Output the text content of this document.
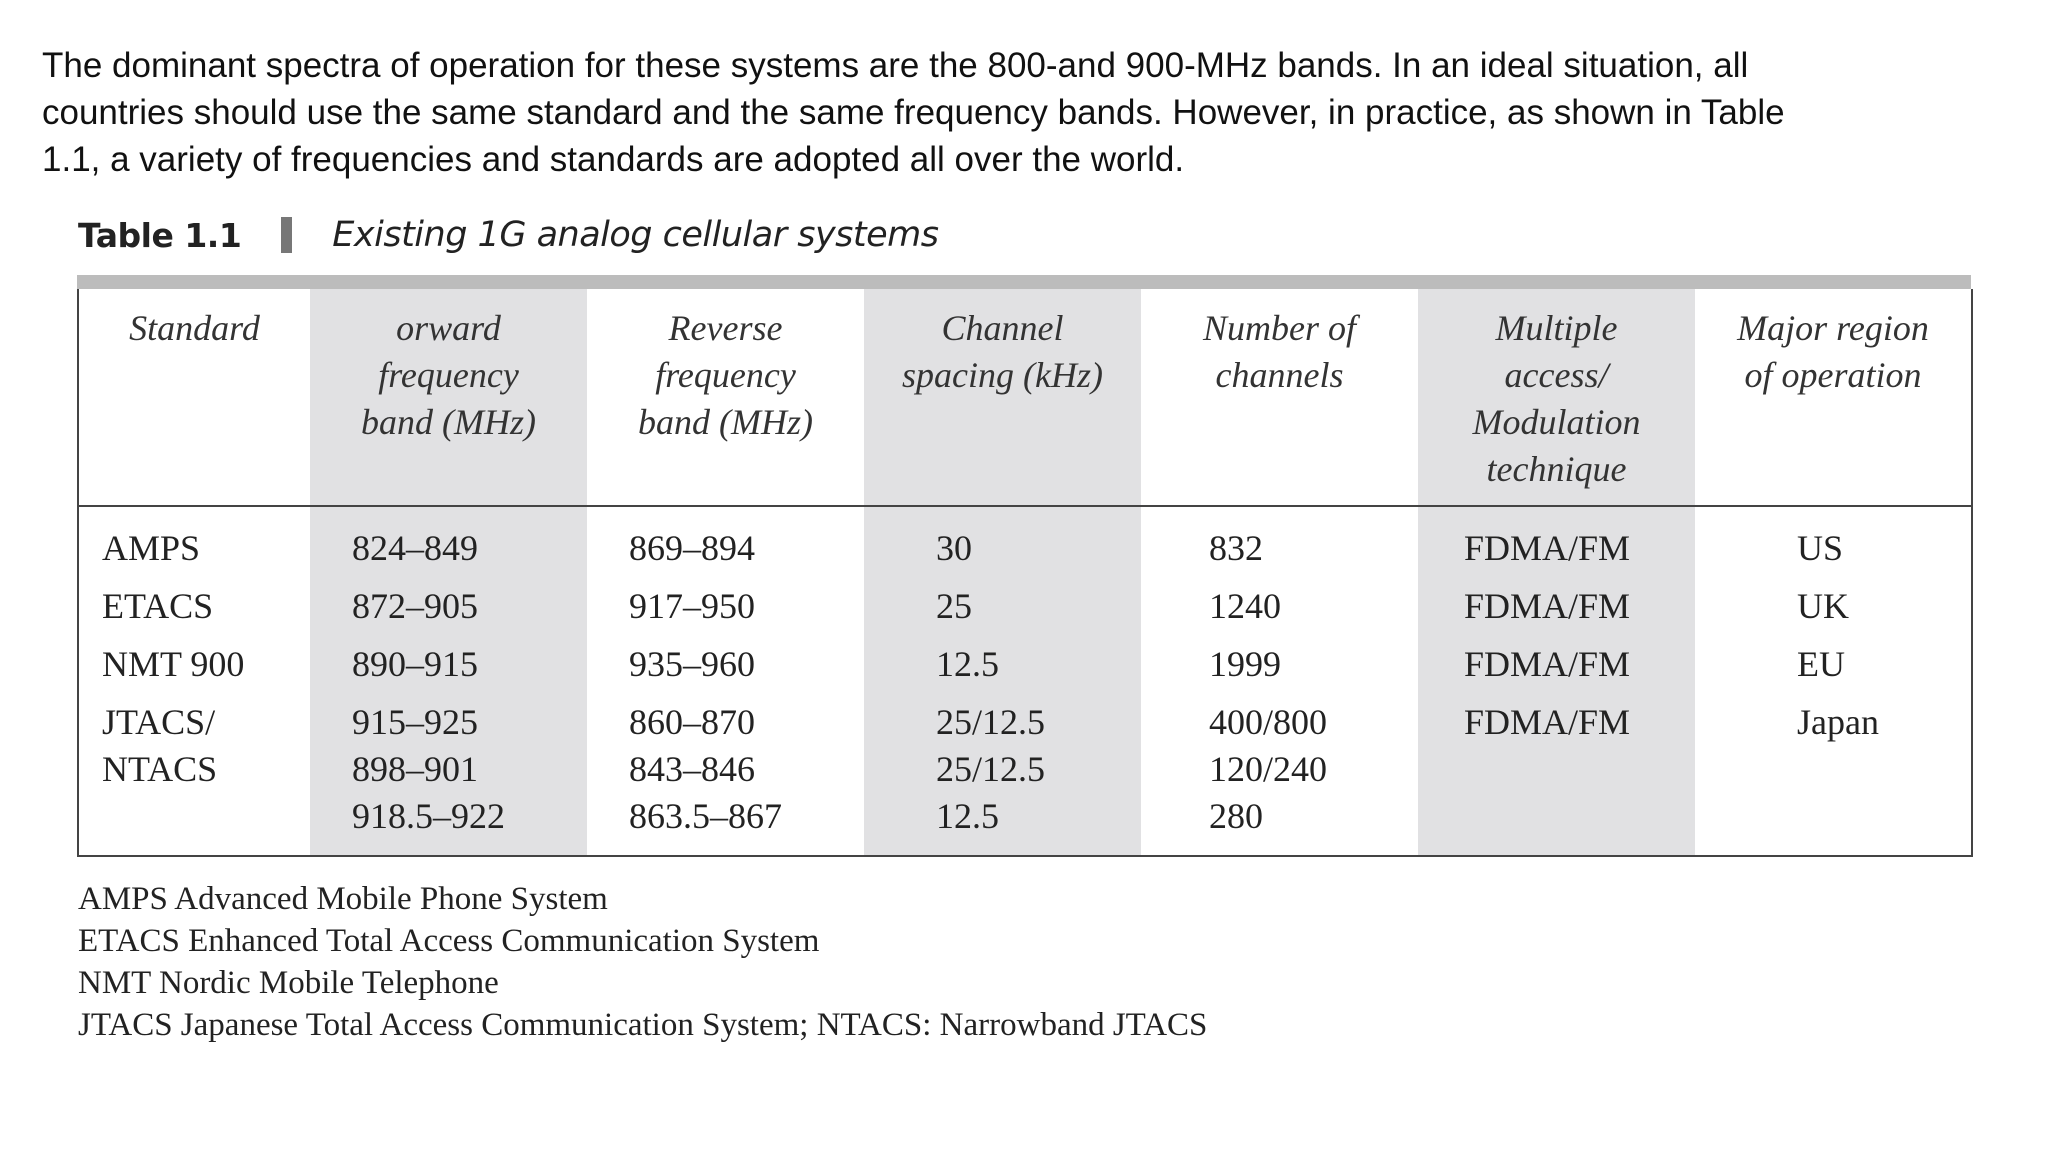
The dominant spectra of operation for these systems are the 800-and 900-MHz bands. In an ideal situation, all
countries should use the same standard and the same frequency bands. However, in practice, as shown in Table
1.1, a variety of frequencies and standards are adopted all over the world.

Table 1.1	Existing 1G analog cellular systems
Standard	orward
frequency
band (MHz)	Reverse
frequency
band (MHz)	Channel
spacing (kHz)	Number of
channels	Multiple
access/
Modulation
technique	Major region
of operation
AMPS	824–849	869–894	30	832	FDMA/FM	US
ETACS	872–905	917–950	25	1240	FDMA/FM	UK
NMT 900	890–915	935–960	12.5	1999	FDMA/FM	EU
JTACS/
NTACS	915–925
898–901
918.5–922	860–870
843–846
863.5–867	25/12.5
25/12.5
12.5	400/800
120/240
280	FDMA/FM	Japan
AMPS Advanced Mobile Phone System
ETACS Enhanced Total Access Communication System
NMT Nordic Mobile Telephone
JTACS Japanese Total Access Communication System; NTACS: Narrowband JTACS
